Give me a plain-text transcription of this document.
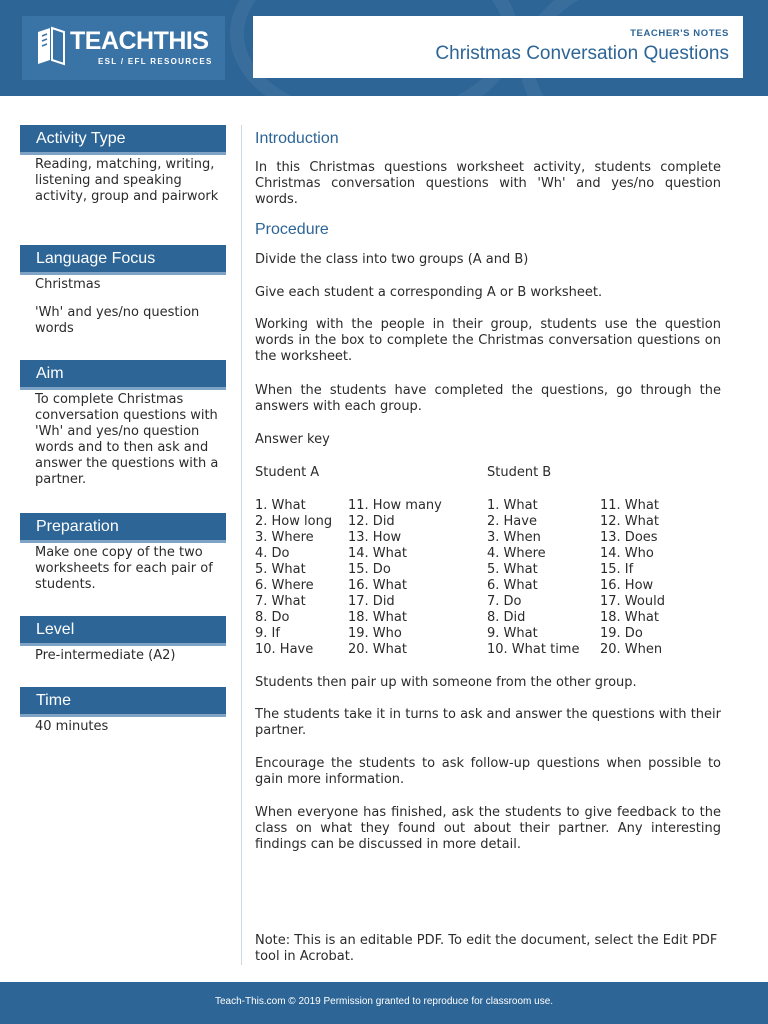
TEACHTHIS
ESL / EFL RESOURCES
TEACHER'S NOTES
Christmas Conversation Questions
Activity Type
Reading, matching, writing, listening and speaking activity, group and pairwork
Language Focus
Christmas
'Wh' and yes/no question words
Aim
To complete Christmas conversation questions with 'Wh' and yes/no question words and to then ask and answer the questions with a partner.
Preparation
Make one copy of the two worksheets for each pair of students.
Level
Pre-intermediate (A2)
Time
40 minutes
Introduction
In this Christmas questions worksheet activity, students complete Christmas conversation questions with 'Wh' and yes/no question words.
Procedure
Divide the class into two groups (A and B)
Give each student a corresponding A or B worksheet.
Working with the people in their group, students use the question words in the box to complete the Christmas conversation questions on the worksheet.
When the students have completed the questions, go through the answers with each group.
Answer key
Student A	Student B
1. What
2. How long
3. Where
4. Do
5. What
6. Where
7. What
8. Do
9. If
10. Have
11. How many
12. Did
13. How
14. What
15. Do
16. What
17. Did
18. What
19. Who
20. What
1. What
2. Have
3. When
4. Where
5. What
6. What
7. Do
8. Did
9. What
10. What time
11. What
12. What
13. Does
14. Who
15. If
16. How
17. Would
18. What
19. Do
20. When
Students then pair up with someone from the other group.
The students take it in turns to ask and answer the questions with their partner.
Encourage the students to ask follow-up questions when possible to gain more information.
When everyone has finished, ask the students to give feedback to the class on what they found out about their partner. Any interesting findings can be discussed in more detail.
Note: This is an editable PDF. To edit the document, select the Edit PDF tool in Acrobat.
Teach-This.com © 2019 Permission granted to reproduce for classroom use.
